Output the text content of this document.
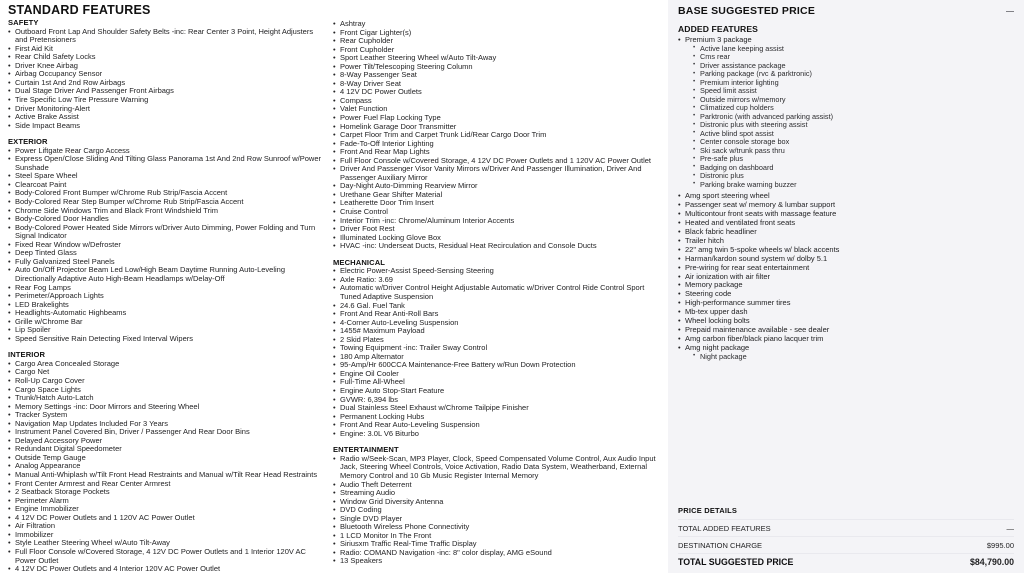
STANDARD FEATURES
SAFETY
• Outboard Front Lap And Shoulder Safety Belts -inc: Rear Center 3 Point, Height Adjusters and Pretensioners
• First Aid Kit
• Rear Child Safety Locks
• Driver Knee Airbag
• Airbag Occupancy Sensor
• Curtain 1st And 2nd Row Airbags
• Dual Stage Driver And Passenger Front Airbags
• Tire Specific Low Tire Pressure Warning
• Driver Monitoring-Alert
• Active Brake Assist
• Side Impact Beams
EXTERIOR
• Power Liftgate Rear Cargo Access
• Express Open/Close Sliding And Tilting Glass Panorama 1st And 2nd Row Sunroof w/Power Sunshade
• Steel Spare Wheel
• Clearcoat Paint
• Body-Colored Front Bumper w/Chrome Rub Strip/Fascia Accent
• Body-Colored Rear Step Bumper w/Chrome Rub Strip/Fascia Accent
• Chrome Side Windows Trim and Black Front Windshield Trim
• Body-Colored Door Handles
• Body-Colored Power Heated Side Mirrors w/Driver Auto Dimming, Power Folding and Turn Signal Indicator
• Fixed Rear Window w/Defroster
• Deep Tinted Glass
• Fully Galvanized Steel Panels
• Auto On/Off Projector Beam Led Low/High Beam Daytime Running Auto-Leveling Directionally Adaptive Auto High-Beam Headlamps w/Delay-Off
• Rear Fog Lamps
• Perimeter/Approach Lights
• LED Brakelights
• Headlights-Automatic Highbeams
• Grille w/Chrome Bar
• Lip Spoiler
• Speed Sensitive Rain Detecting Fixed Interval Wipers
INTERIOR
• Cargo Area Concealed Storage
• Cargo Net
• Roll-Up Cargo Cover
• Cargo Space Lights
• Trunk/Hatch Auto-Latch
• Memory Settings -inc: Door Mirrors and Steering Wheel
• Tracker System
• Navigation Map Updates Included For 3 Years
• Instrument Panel Covered Bin, Driver / Passenger And Rear Door Bins
• Delayed Accessory Power
• Redundant Digital Speedometer
• Outside Temp Gauge
• Analog Appearance
• Manual Anti-Whiplash w/Tilt Front Head Restraints and Manual w/Tilt Rear Head Restraints
• Front Center Armrest and Rear Center Armrest
• 2 Seatback Storage Pockets
• Perimeter Alarm
• Engine Immobilizer
• 4 12V DC Power Outlets and 1 120V AC Power Outlet
• Air Filtration
• Immobilizer
• Style Leather Steering Wheel w/Auto Tilt-Away
• Full Floor Console w/Covered Storage, 4 12V DC Power Outlets and 1 Interior 120V AC Power Outlet
• 4 12V DC Power Outlets and 4 Interior 120V AC Power Outlet
• Ashtray
• Front Cigar Lighter(s)
• Rear Cupholder
• Front Cupholder
• Sport Leather Steering Wheel w/Auto Tilt-Away
• Power Tilt/Telescoping Steering Column
• 8-Way Passenger Seat
• 8-Way Driver Seat
• 4 12V DC Power Outlets
• Compass
• Valet Function
• Power Fuel Flap Locking Type
• Homelink Garage Door Transmitter
• Carpet Floor Trim and Carpet Trunk Lid/Rear Cargo Door Trim
• Fade-To-Off Interior Lighting
• Front And Rear Map Lights
• Full Floor Console w/Covered Storage, 4 12V DC Power Outlets and 1 120V AC Power Outlet
• Driver And Passenger Visor Vanity Mirrors w/Driver And Passenger Illumination, Driver And Passenger Auxiliary Mirror
• Day-Night Auto-Dimming Rearview Mirror
• Urethane Gear Shifter Material
• Leatherette Door Trim Insert
• Cruise Control
• Interior Trim -inc: Chrome/Aluminum Interior Accents
• Driver Foot Rest
• Illuminated Locking Glove Box
• HVAC -inc: Underseat Ducts, Residual Heat Recirculation and Console Ducts
MECHANICAL
• Electric Power-Assist Speed-Sensing Steering
• Axle Ratio: 3.69
• Automatic w/Driver Control Height Adjustable Automatic w/Driver Control Ride Control Sport Tuned Adaptive Suspension
• 24.6 Gal. Fuel Tank
• Front And Rear Anti-Roll Bars
• 4-Corner Auto-Leveling Suspension
• 1455# Maximum Payload
• 2 Skid Plates
• Towing Equipment -inc: Trailer Sway Control
• 180 Amp Alternator
• 95-Amp/Hr 600CCA Maintenance-Free Battery w/Run Down Protection
• Engine Oil Cooler
• Full-Time All-Wheel
• Engine Auto Stop-Start Feature
• GVWR: 6,394 lbs
• Dual Stainless Steel Exhaust w/Chrome Tailpipe Finisher
• Permanent Locking Hubs
• Front And Rear Auto-Leveling Suspension
• Engine: 3.0L V6 Biturbo
ENTERTAINMENT
• Radio w/Seek-Scan, MP3 Player, Clock, Speed Compensated Volume Control, Aux Audio Input Jack, Steering Wheel Controls, Voice Activation, Radio Data System, Weatherband, External Memory Control and 10 Gb Music Register Internal Memory
• Audio Theft Deterrent
• Streaming Audio
• Window Grid Diversity Antenna
• DVD Coding
• Single DVD Player
• Bluetooth Wireless Phone Connectivity
• 1 LCD Monitor In The Front
• Siriusxm Traffic Real-Time Traffic Display
• Radio: COMAND Navigation -inc: 8" color display, AMG eSound
• 13 Speakers
BASE SUGGESTED PRICE	—
ADDED FEATURES
• Premium 3 package
• Active lane keeping assist
• Cms rear
• Driver assistance package
• Parking package (rvc & parktronic)
• Premium interior lighting
• Speed limit assist
• Outside mirrors w/memory
• Climatized cup holders
• Parktronic (with advanced parking assist)
• Distronic plus with steering assist
• Active blind spot assist
• Center console storage box
• Ski sack w/trunk pass thru
• Pre-safe plus
• Badging on dashboard
• Distronic plus
• Parking brake warning buzzer
• Amg sport steering wheel
• Passenger seat w/ memory & lumbar support
• Multicontour front seats with massage feature
• Heated and ventilated front seats
• Black fabric headliner
• Trailer hitch
• 22" amg twin 5-spoke wheels w/ black accents
• Harman/kardon sound system w/ dolby 5.1
• Pre-wiring for rear seat entertainment
• Air ionization with air filter
• Memory package
• Steering code
• High-performance summer tires
• Mb-tex upper dash
• Wheel locking bolts
• Prepaid maintenance available - see dealer
• Amg carbon fiber/black piano lacquer trim
• Amg night package
• Night package
PRICE DETAILS
TOTAL ADDED FEATURES	—
DESTINATION CHARGE	$995.00
TOTAL SUGGESTED PRICE	$84,790.00
